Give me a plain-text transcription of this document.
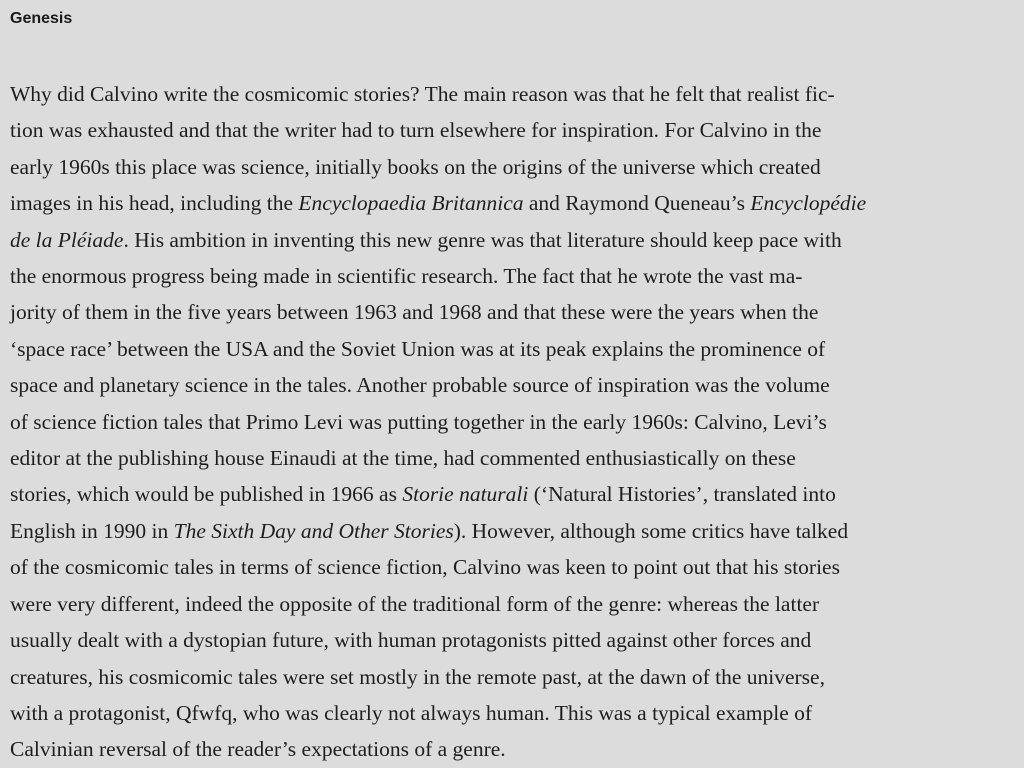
Genesis

Why did Calvino write the cosmicomic stories? The main reason was that he felt that realist fic-
tion was exhausted and that the writer had to turn elsewhere for inspiration. For Calvino in the
early 1960s this place was science, initially books on the origins of the universe which created
images in his head, including the Encyclopaedia Britannica and Raymond Queneau’s Encyclopédie
de la Pléiade. His ambition in inventing this new genre was that literature should keep pace with
the enormous progress being made in scientific research. The fact that he wrote the vast ma-
jority of them in the five years between 1963 and 1968 and that these were the years when the
‘space race’ between the USA and the Soviet Union was at its peak explains the prominence of
space and planetary science in the tales. Another probable source of inspiration was the volume
of science fiction tales that Primo Levi was putting together in the early 1960s: Calvino, Levi’s
editor at the publishing house Einaudi at the time, had commented enthusiastically on these
stories, which would be published in 1966 as Storie naturali (‘Natural Histories’, translated into
English in 1990 in The Sixth Day and Other Stories). However, although some critics have talked
of the cosmicomic tales in terms of science fiction, Calvino was keen to point out that his stories
were very different, indeed the opposite of the traditional form of the genre: whereas the latter
usually dealt with a dystopian future, with human protagonists pitted against other forces and
creatures, his cosmicomic tales were set mostly in the remote past, at the dawn of the universe,
with a protagonist, Qfwfq, who was clearly not always human. This was a typical example of
Calvinian reversal of the reader’s expectations of a genre.
